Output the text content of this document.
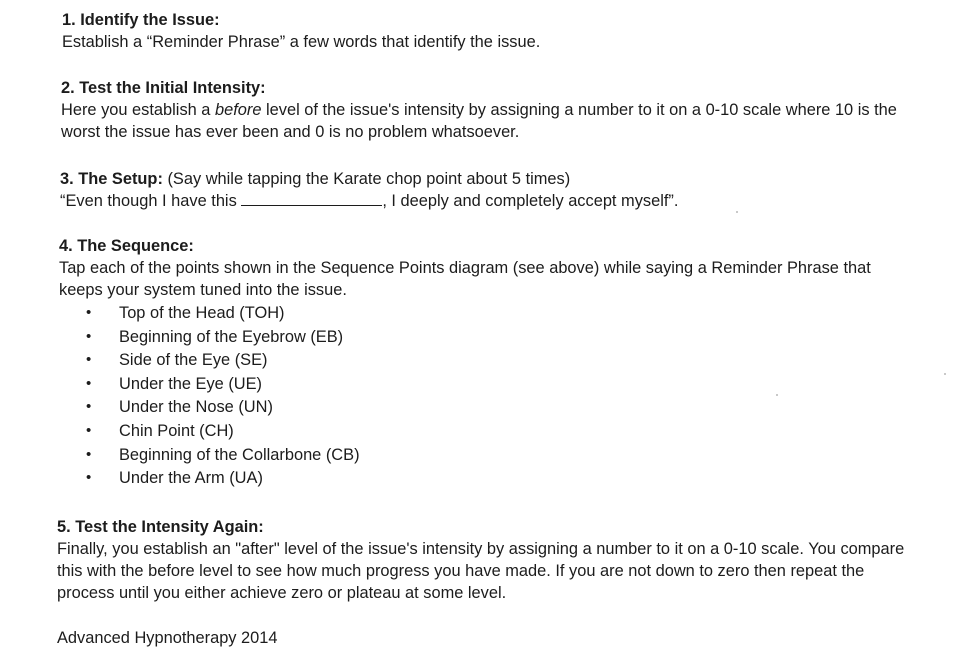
1. Identify the Issue:
Establish a “Reminder Phrase” a few words that identify the issue.
2. Test the Initial Intensity:
Here you establish a before level of the issue's intensity by assigning a number to it on a 0-10 scale where 10 is the
worst the issue has ever been and 0 is no problem whatsoever.
3. The Setup: (Say while tapping the Karate chop point about 5 times)
“Even though I have this	, I deeply and completely accept myself”.
4. The Sequence:
Tap each of the points shown in the Sequence Points diagram (see above) while saying a Reminder Phrase that
keeps your system tuned into the issue.
• Top of the Head (TOH)
• Beginning of the Eyebrow (EB)
• Side of the Eye (SE)
• Under the Eye (UE)
• Under the Nose (UN)
• Chin Point (CH)
• Beginning of the Collarbone (CB)
• Under the Arm (UA)
5. Test the Intensity Again:
Finally, you establish an "after" level of the issue's intensity by assigning a number to it on a 0-10 scale. You compare
this with the before level to see how much progress you have made. If you are not down to zero then repeat the
process until you either achieve zero or plateau at some level.
Advanced Hypnotherapy 2014
